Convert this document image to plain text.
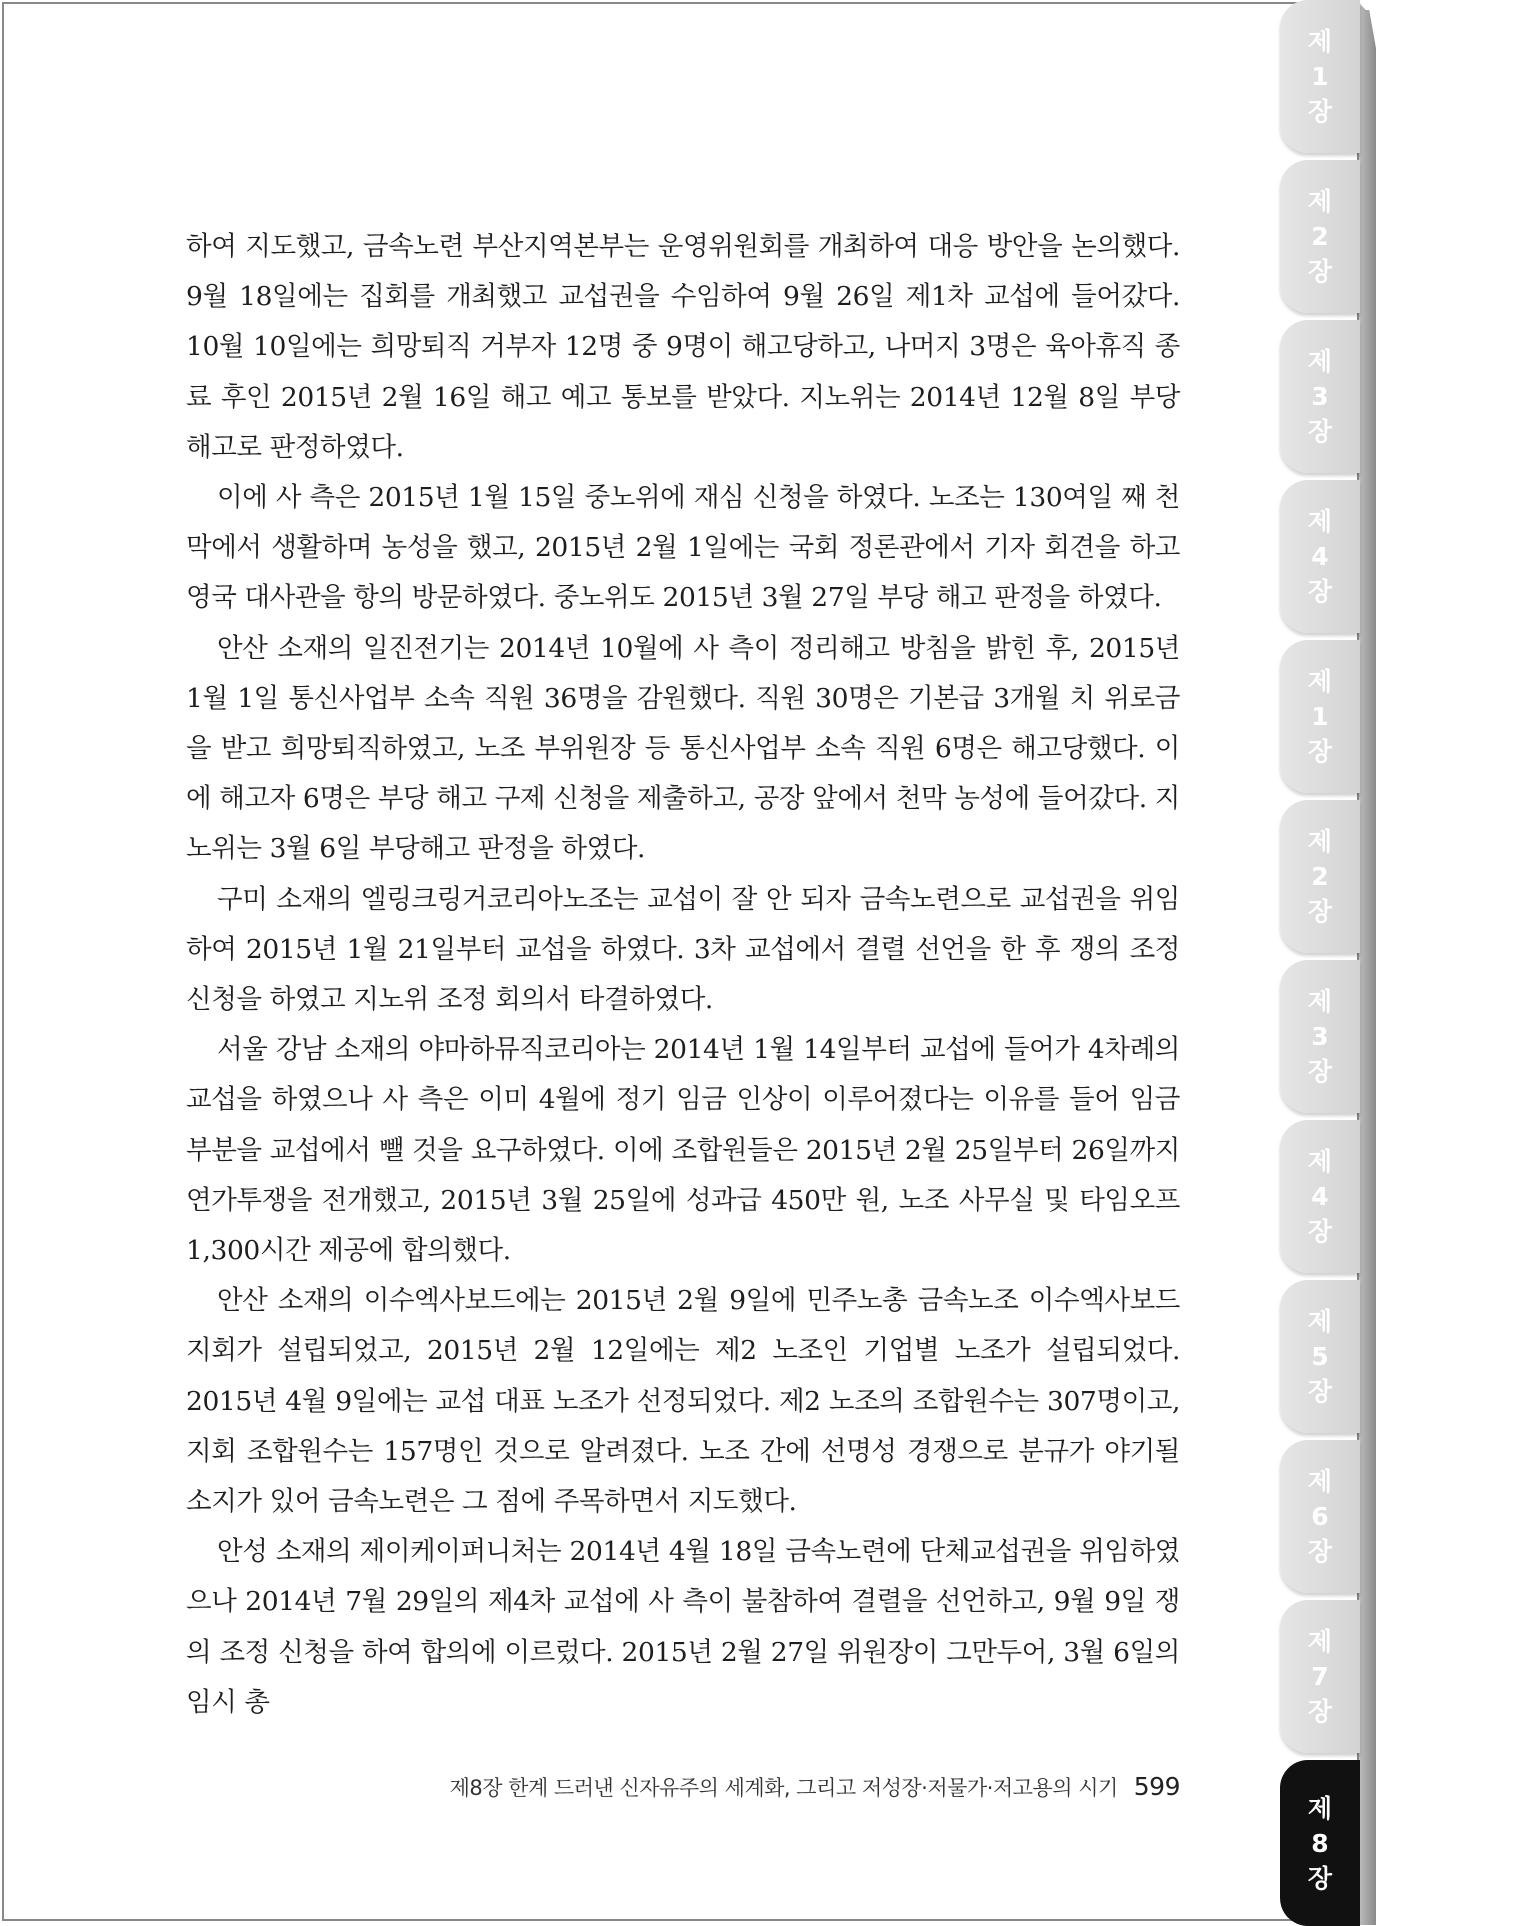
제
1
장
제
2
장
제
3
장
제
4
장
제
1
장
제
2
장
제
3
장
제
4
장
제
5
장
제
6
장
제
7
장
제
8
장

하여 지도했고, 금속노련 부산지역본부는 운영위원회를 개최하여 대응 방안을 논의했다. 9월 18일에는 집회를 개최했고 교섭권을 수임하여 9월 26일 제1차 교섭에 들어갔다. 10월 10일에는 희망퇴직 거부자 12명 중 9명이 해고당하고, 나머지 3명은 육아휴직 종료 후인 2015년 2월 16일 해고 예고 통보를 받았다. 지노위는 2014년 12월 8일 부당 해고로 판정하였다.

이에 사 측은 2015년 1월 15일 중노위에 재심 신청을 하였다. 노조는 130여일 째 천막에서 생활하며 농성을 했고, 2015년 2월 1일에는 국회 정론관에서 기자 회견을 하고 영국 대사관을 항의 방문하였다. 중노위도 2015년 3월 27일 부당 해고 판정을 하였다.

안산 소재의 일진전기는 2014년 10월에 사 측이 정리해고 방침을 밝힌 후, 2015년 1월 1일 통신사업부 소속 직원 36명을 감원했다. 직원 30명은 기본급 3개월 치 위로금을 받고 희망퇴직하였고, 노조 부위원장 등 통신사업부 소속 직원 6명은 해고당했다. 이에 해고자 6명은 부당 해고 구제 신청을 제출하고, 공장 앞에서 천막 농성에 들어갔다. 지노위는 3월 6일 부당해고 판정을 하였다.

구미 소재의 엘링크링거코리아노조는 교섭이 잘 안 되자 금속노련으로 교섭권을 위임하여 2015년 1월 21일부터 교섭을 하였다. 3차 교섭에서 결렬 선언을 한 후 쟁의 조정 신청을 하였고 지노위 조정 회의서 타결하였다.

서울 강남 소재의 야마하뮤직코리아는 2014년 1월 14일부터 교섭에 들어가 4차례의 교섭을 하였으나 사 측은 이미 4월에 정기 임금 인상이 이루어졌다는 이유를 들어 임금 부분을 교섭에서 뺄 것을 요구하였다. 이에 조합원들은 2015년 2월 25일부터 26일까지 연가투쟁을 전개했고, 2015년 3월 25일에 성과급 450만 원, 노조 사무실 및 타임오프 1,300시간 제공에 합의했다.

안산 소재의 이수엑사보드에는 2015년 2월 9일에 민주노총 금속노조 이수엑사보드지회가 설립되었고, 2015년 2월 12일에는 제2 노조인 기업별 노조가 설립되었다. 2015년 4월 9일에는 교섭 대표 노조가 선정되었다. 제2 노조의 조합원수는 307명이고, 지회 조합원수는 157명인 것으로 알려졌다. 노조 간에 선명성 경쟁으로 분규가 야기될 소지가 있어 금속노련은 그 점에 주목하면서 지도했다.

안성 소재의 제이케이퍼니처는 2014년 4월 18일 금속노련에 단체교섭권을 위임하였으나 2014년 7월 29일의 제4차 교섭에 사 측이 불참하여 결렬을 선언하고, 9월 9일 쟁의 조정 신청을 하여 합의에 이르렀다. 2015년 2월 27일 위원장이 그만두어, 3월 6일의 임시 총

제8장 한계 드러낸 신자유주의 세계화, 그리고 저성장·저물가·저고용의 시기 599
